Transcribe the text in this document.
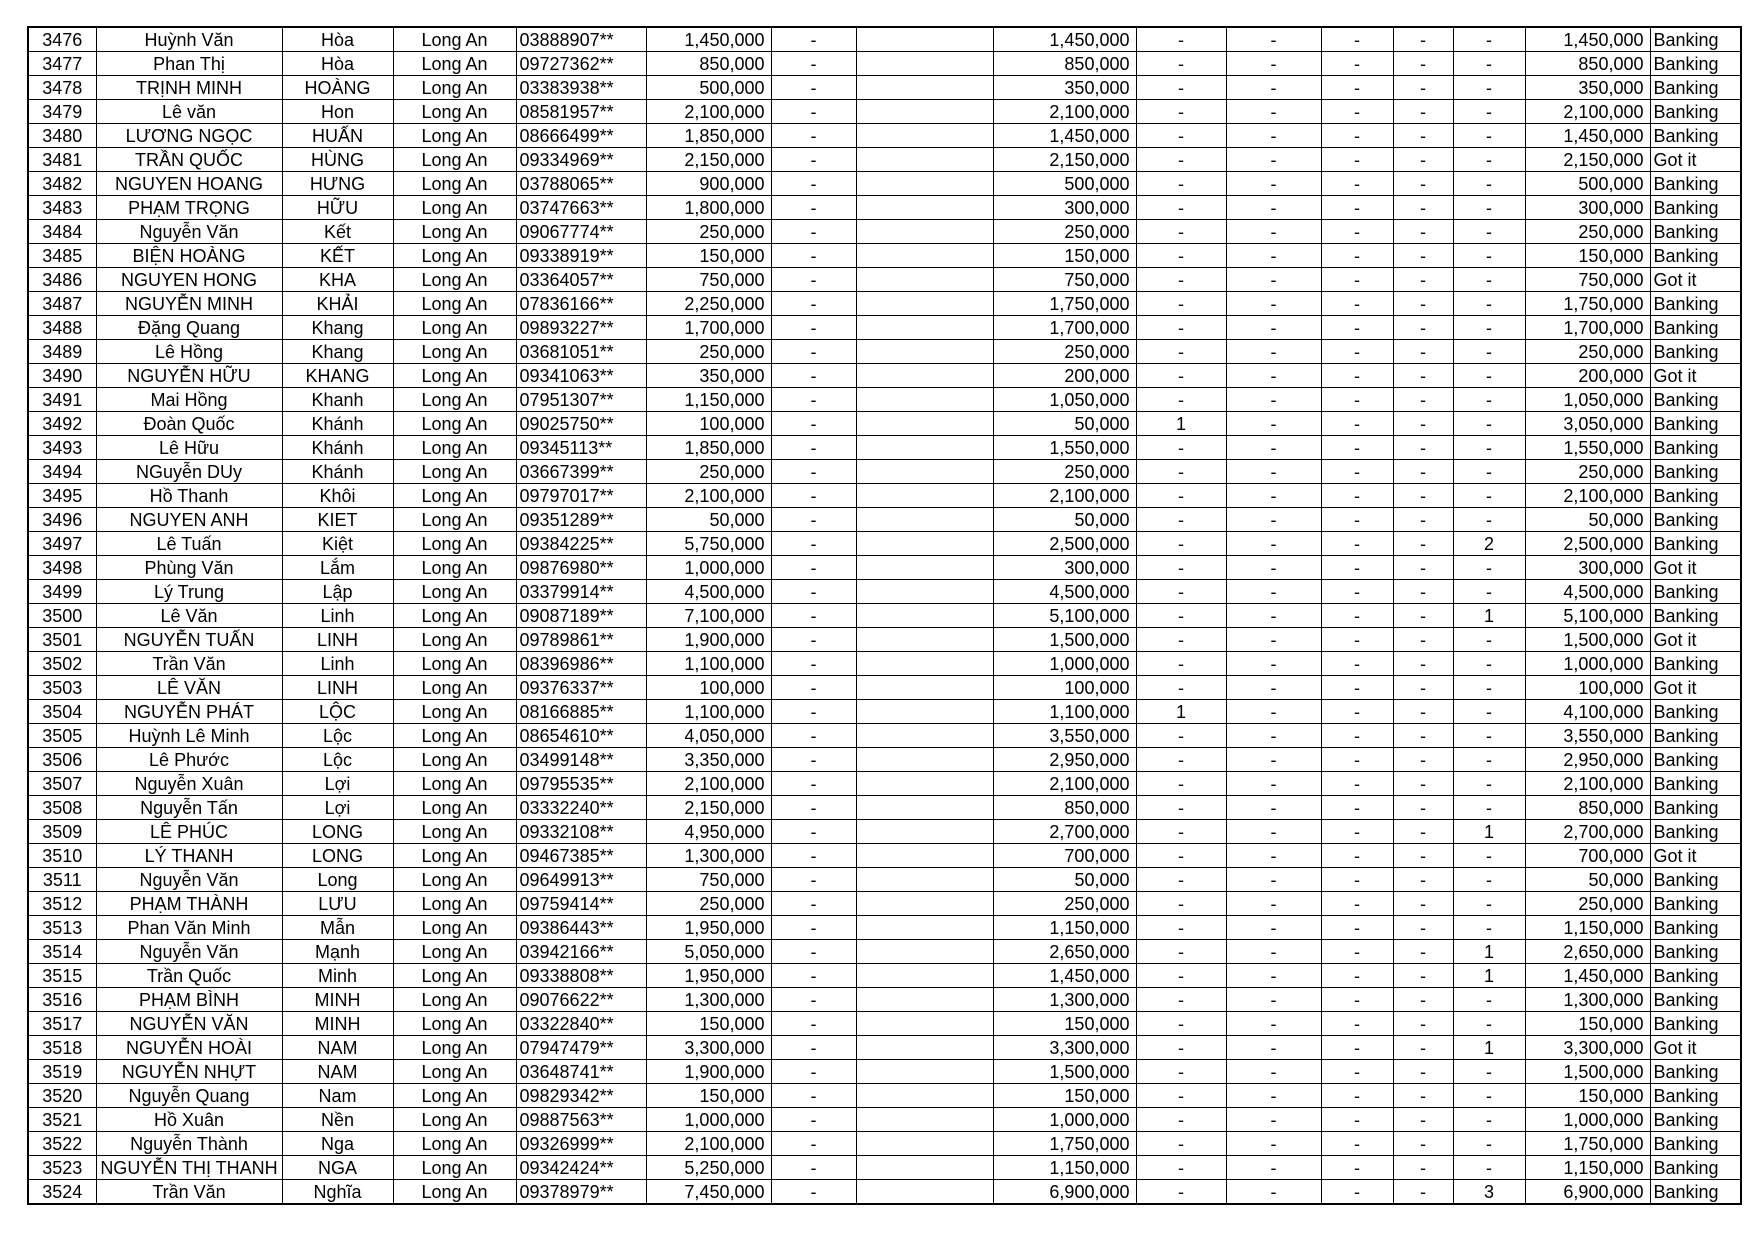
3476	Huỳnh Văn	Hòa	Long An	03888907**	1,450,000	-		1,450,000	-	-	-	-	-	1,450,000	Banking
3477	Phan Thị	Hòa	Long An	09727362**	850,000	-		850,000	-	-	-	-	-	850,000	Banking
3478	TRỊNH MINH	HOÀNG	Long An	03383938**	500,000	-		350,000	-	-	-	-	-	350,000	Banking
3479	Lê văn	Hon	Long An	08581957**	2,100,000	-		2,100,000	-	-	-	-	-	2,100,000	Banking
3480	LƯƠNG NGỌC	HUẤN	Long An	08666499**	1,850,000	-		1,450,000	-	-	-	-	-	1,450,000	Banking
3481	TRẦN QUỐC	HÙNG	Long An	09334969**	2,150,000	-		2,150,000	-	-	-	-	-	2,150,000	Got it
3482	NGUYEN HOANG	HƯNG	Long An	03788065**	900,000	-		500,000	-	-	-	-	-	500,000	Banking
3483	PHẠM TRỌNG	HỮU	Long An	03747663**	1,800,000	-		300,000	-	-	-	-	-	300,000	Banking
3484	Nguyễn Văn	Kết	Long An	09067774**	250,000	-		250,000	-	-	-	-	-	250,000	Banking
3485	BIỆN HOÀNG	KẾT	Long An	09338919**	150,000	-		150,000	-	-	-	-	-	150,000	Banking
3486	NGUYEN HONG	KHA	Long An	03364057**	750,000	-		750,000	-	-	-	-	-	750,000	Got it
3487	NGUYỄN MINH	KHẢI	Long An	07836166**	2,250,000	-		1,750,000	-	-	-	-	-	1,750,000	Banking
3488	Đặng Quang	Khang	Long An	09893227**	1,700,000	-		1,700,000	-	-	-	-	-	1,700,000	Banking
3489	Lê Hồng	Khang	Long An	03681051**	250,000	-		250,000	-	-	-	-	-	250,000	Banking
3490	NGUYỄN HỮU	KHANG	Long An	09341063**	350,000	-		200,000	-	-	-	-	-	200,000	Got it
3491	Mai Hồng	Khanh	Long An	07951307**	1,150,000	-		1,050,000	-	-	-	-	-	1,050,000	Banking
3492	Đoàn Quốc	Khánh	Long An	09025750**	100,000	-		50,000	1	-	-	-	-	3,050,000	Banking
3493	Lê Hữu	Khánh	Long An	09345113**	1,850,000	-		1,550,000	-	-	-	-	-	1,550,000	Banking
3494	NGuyễn DUy	Khánh	Long An	03667399**	250,000	-		250,000	-	-	-	-	-	250,000	Banking
3495	Hồ Thanh	Khôi	Long An	09797017**	2,100,000	-		2,100,000	-	-	-	-	-	2,100,000	Banking
3496	NGUYEN ANH	KIET	Long An	09351289**	50,000	-		50,000	-	-	-	-	-	50,000	Banking
3497	Lê Tuấn	Kiệt	Long An	09384225**	5,750,000	-		2,500,000	-	-	-	-	2	2,500,000	Banking
3498	Phùng Văn	Lắm	Long An	09876980**	1,000,000	-		300,000	-	-	-	-	-	300,000	Got it
3499	Lý Trung	Lập	Long An	03379914**	4,500,000	-		4,500,000	-	-	-	-	-	4,500,000	Banking
3500	Lê Văn	Linh	Long An	09087189**	7,100,000	-		5,100,000	-	-	-	-	1	5,100,000	Banking
3501	NGUYỄN TUẤN	LINH	Long An	09789861**	1,900,000	-		1,500,000	-	-	-	-	-	1,500,000	Got it
3502	Trần Văn	Linh	Long An	08396986**	1,100,000	-		1,000,000	-	-	-	-	-	1,000,000	Banking
3503	LÊ VĂN	LINH	Long An	09376337**	100,000	-		100,000	-	-	-	-	-	100,000	Got it
3504	NGUYỄN PHÁT	LỘC	Long An	08166885**	1,100,000	-		1,100,000	1	-	-	-	-	4,100,000	Banking
3505	Huỳnh Lê Minh	Lộc	Long An	08654610**	4,050,000	-		3,550,000	-	-	-	-	-	3,550,000	Banking
3506	Lê Phước	Lộc	Long An	03499148**	3,350,000	-		2,950,000	-	-	-	-	-	2,950,000	Banking
3507	Nguyễn Xuân	Lợi	Long An	09795535**	2,100,000	-		2,100,000	-	-	-	-	-	2,100,000	Banking
3508	Nguyễn Tấn	Lợi	Long An	03332240**	2,150,000	-		850,000	-	-	-	-	-	850,000	Banking
3509	LÊ PHÚC	LONG	Long An	09332108**	4,950,000	-		2,700,000	-	-	-	-	1	2,700,000	Banking
3510	LÝ THANH	LONG	Long An	09467385**	1,300,000	-		700,000	-	-	-	-	-	700,000	Got it
3511	Nguyễn Văn	Long	Long An	09649913**	750,000	-		50,000	-	-	-	-	-	50,000	Banking
3512	PHẠM THÀNH	LƯU	Long An	09759414**	250,000	-		250,000	-	-	-	-	-	250,000	Banking
3513	Phan Văn Minh	Mẫn	Long An	09386443**	1,950,000	-		1,150,000	-	-	-	-	-	1,150,000	Banking
3514	Nguyễn Văn	Mạnh	Long An	03942166**	5,050,000	-		2,650,000	-	-	-	-	1	2,650,000	Banking
3515	Trần Quốc	Minh	Long An	09338808**	1,950,000	-		1,450,000	-	-	-	-	1	1,450,000	Banking
3516	PHẠM BÌNH	MINH	Long An	09076622**	1,300,000	-		1,300,000	-	-	-	-	-	1,300,000	Banking
3517	NGUYỄN VĂN	MINH	Long An	03322840**	150,000	-		150,000	-	-	-	-	-	150,000	Banking
3518	NGUYỄN HOÀI	NAM	Long An	07947479**	3,300,000	-		3,300,000	-	-	-	-	1	3,300,000	Got it
3519	NGUYỄN NHỰT	NAM	Long An	03648741**	1,900,000	-		1,500,000	-	-	-	-	-	1,500,000	Banking
3520	Nguyễn Quang	Nam	Long An	09829342**	150,000	-		150,000	-	-	-	-	-	150,000	Banking
3521	Hồ Xuân	Nền	Long An	09887563**	1,000,000	-		1,000,000	-	-	-	-	-	1,000,000	Banking
3522	Nguyễn Thành	Nga	Long An	09326999**	2,100,000	-		1,750,000	-	-	-	-	-	1,750,000	Banking
3523	NGUYỄN THỊ THANH	NGA	Long An	09342424**	5,250,000	-		1,150,000	-	-	-	-	-	1,150,000	Banking
3524	Trần Văn	Nghĩa	Long An	09378979**	7,450,000	-		6,900,000	-	-	-	-	3	6,900,000	Banking
